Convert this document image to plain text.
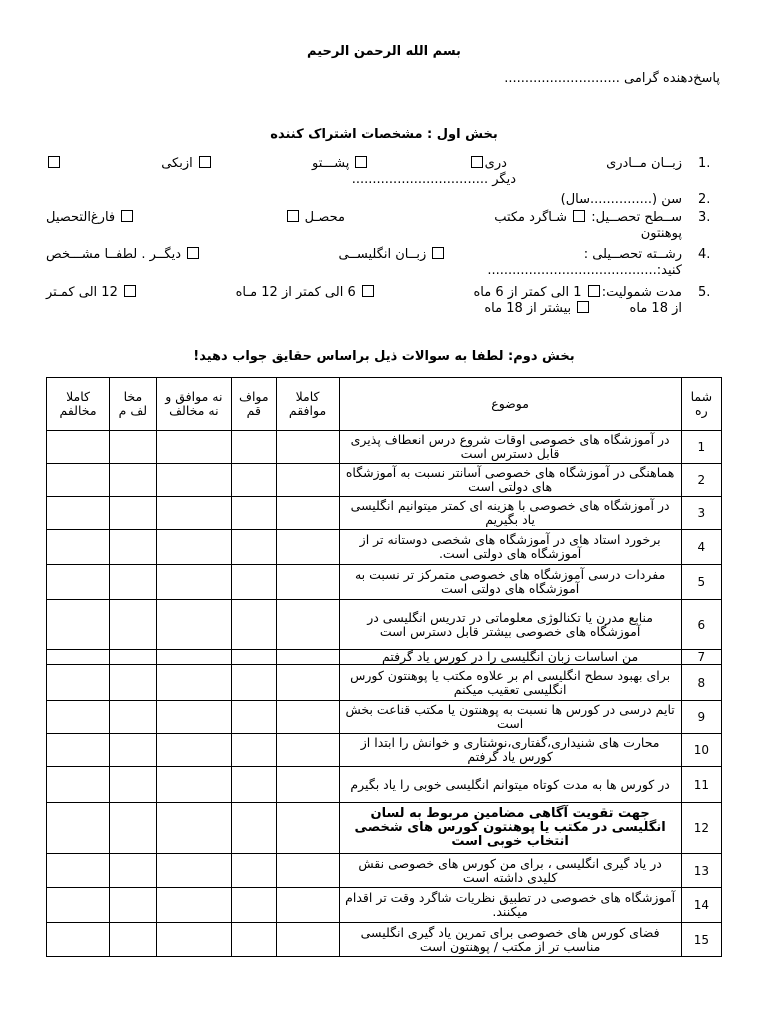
بسم الله الرحمن الرحیم
پاسخ‌دهنده گرامی ............................
بخش اول : مشخصات اشتراک کننده
1.
زبــان مــادری
دری
پشـــتو
ازبکی
دیگر .................................
2.
سن (...............سال)
3.
ســطح تحصــیل:  شـاگرد مکتب
محصـل
فارغ‌التحصیل
پوهنتون
4.
رشــته تحصــیلی :
زبــان انگلیســی
دیگــر . لطفــا مشـــخص
کنید:.........................................
5.
مدت شمولیت: 1 الی کمتر از 6 ماه
6 الی کمتر از 12 مـاه
12 الی کمـتر
از 18 ماه   بیشتر از 18 ماه
بخش دوم: لطفا به سوالات ذیل براساس حقایق جواب دهید!
شما ره	موضوع	کاملا موافقم	مواف قم	نه موافق و نه مخالف	مخا لف م	کاملا مخالفم
1	در آموزشگاه های خصوصی اوقات شروع درس انعطاف پذیری قابل دسترس است					
2	هماهنگی در آموزشگاه های خصوصی آسانتر نسبت به آموزشگاه های دولتی است					
3	در آموزشگاه های خصوصی با هزینه ای کمتر میتوانیم انگلیسی یاد بگیریم					
4	برخورد استاد های در آموزشگاه های شخصی دوستانه تر از آموزشگاه های دولتی است.					
5	مفردات درسی آموزشگاه های خصوصی متمرکز تر نسبت به آموزشگاه های دولتی است					
6	منابع مدرن یا تکنالوژی معلوماتی در تدریس انگلیسی در آموزشگاه های خصوصی بیشتر قابل دسترس است					
7	من اساسات زبان انگلیسی را در کورس یاد گرفتم					
8	برای بهبود سطح انگلیسی ام بر علاوه مکتب یا پوهنتون کورس انگلیسی تعقیب میکنم					
9	تایم درسی در کورس ها نسبت به پوهنتون یا مکتب قناعت بخش است					
10	محارت های شنیداری،گفتاری،نوشتاری و خوانش را ابتدا از کورس یاد گرفتم					
11	در کورس ها به مدت کوتاه میتوانم انگلیسی خوبی را یاد بگیرم					
12	جهت تقویت آگاهی مضامین مربوط به لسان انگلیسی در مکتب یا پوهنتون کورس های شخصی انتخاب خوبی است					
13	در یاد گیری انگلیسی ، برای من کورس های خصوصی نقش کلیدی داشته است					
14	آموزشگاه های خصوصی در تطبیق نظریات شاگرد وقت تر اقدام میکنند.					
15	فضای کورس های خصوصی برای تمرین یاد گیری انگلیسی مناسب تر از مکتب / پوهنتون است					
